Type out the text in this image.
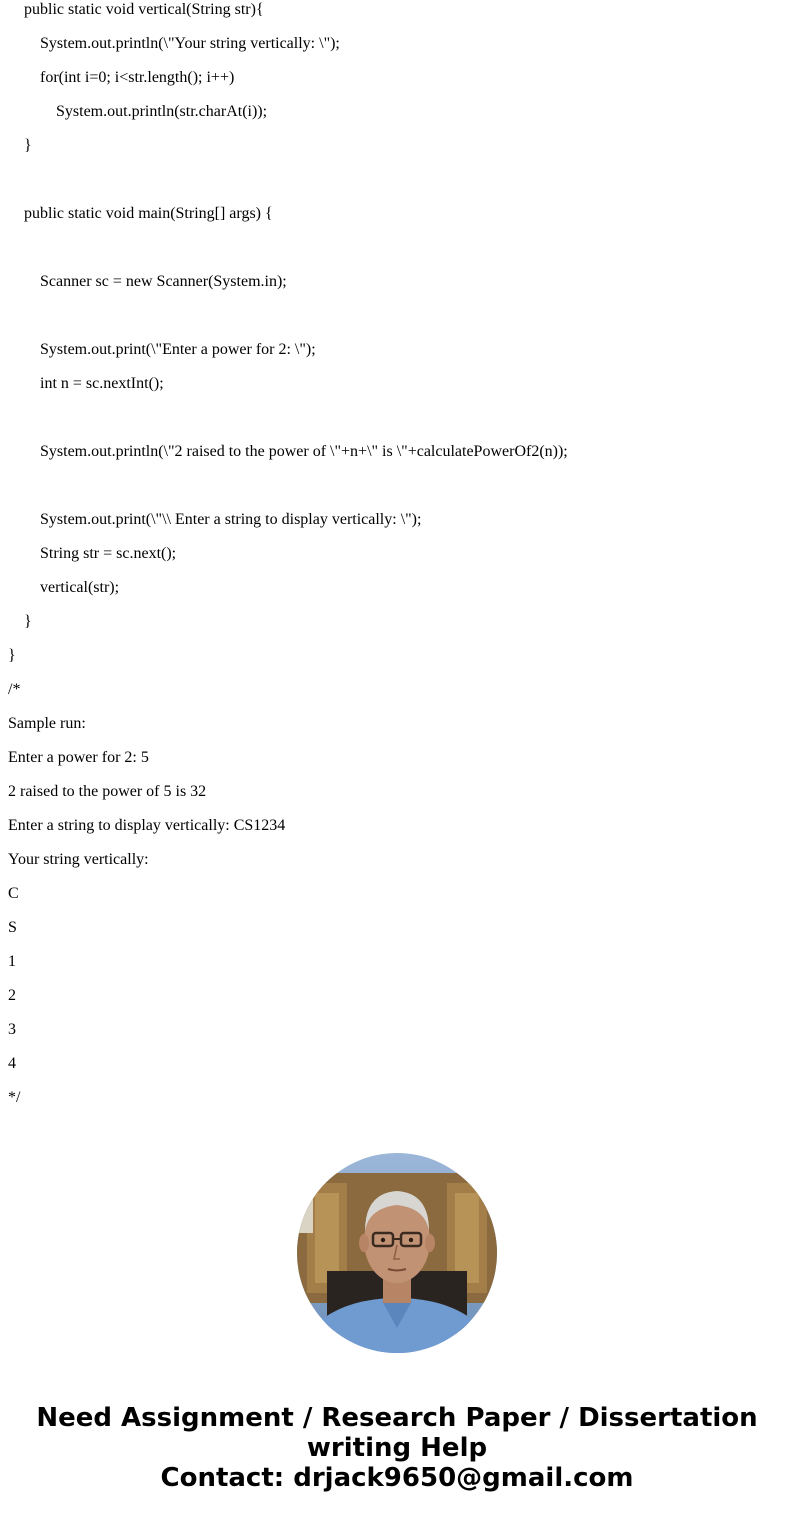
public static void vertical(String str){
System.out.println(\"Your string vertically: \");
for(int i=0; i<str.length(); i++)
System.out.println(str.charAt(i));
}
public static void main(String[] args) {
Scanner sc = new Scanner(System.in);
System.out.print(\"Enter a power for 2: \");
int n = sc.nextInt();
System.out.println(\"2 raised to the power of \"+n+\" is \"+calculatePowerOf2(n));
System.out.print(\"\\ Enter a string to display vertically: \");
String str = sc.next();
vertical(str);
}
}
/*
Sample run:
Enter a power for 2: 5
2 raised to the power of 5 is 32
Enter a string to display vertically: CS1234
Your string vertically:
C
S
1
2
3
4
*/
Need Assignment / Research Paper / Dissertation
writing Help
Contact: drjack9650@gmail.com
